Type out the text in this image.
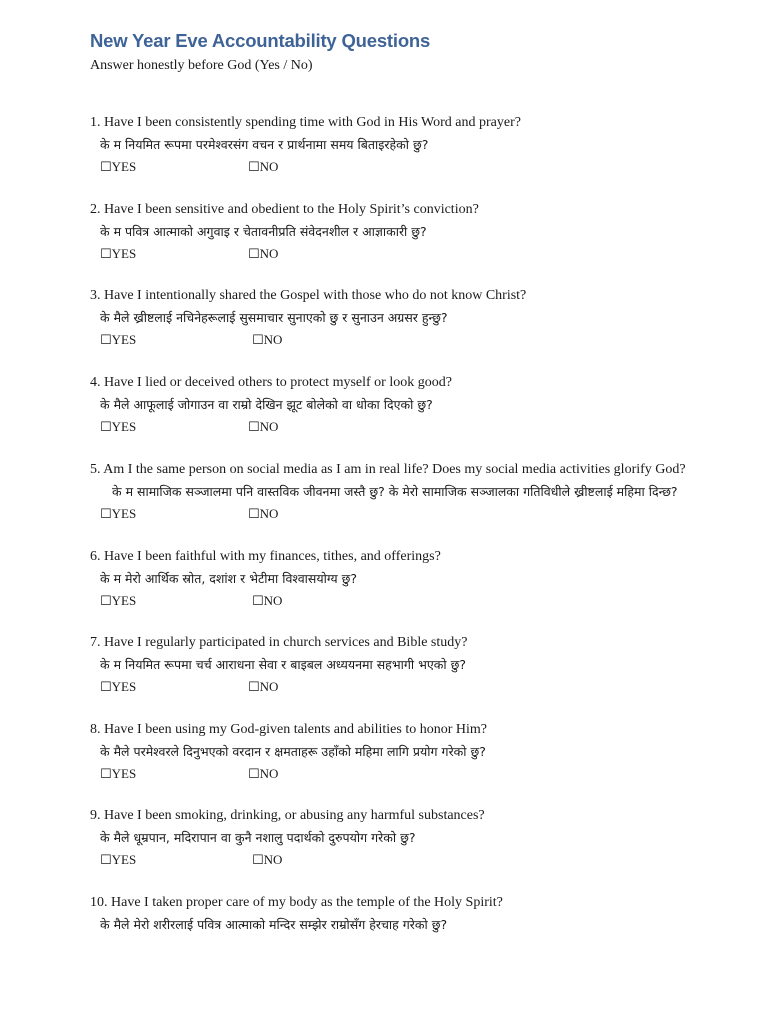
New Year Eve Accountability Questions
Answer honestly before God (Yes / No)
1. Have I been consistently spending time with God in His Word and prayer?
के म नियमित रूपमा परमेश्वरसंग वचन र प्रार्थनामा समय बिताइरहेको छु?
☐YES	☐NO
2. Have I been sensitive and obedient to the Holy Spirit’s conviction?
के म पवित्र आत्माको अगुवाइ र चेतावनीप्रति संवेदनशील र आज्ञाकारी छु?
☐YES	☐NO
3. Have I intentionally shared the Gospel with those who do not know Christ?
के मैले ख्रीष्टलाई नचिनेहरूलाई सुसमाचार सुनाएको छु र सुनाउन अग्रसर हुन्छु?
☐YES	☐NO
4. Have I lied or deceived others to protect myself or look good?
के मैले आफूलाई जोगाउन वा राम्रो देखिन झूट बोलेको वा धोका दिएको छु?
☐YES	☐NO
5. Am I the same person on social media as I am in real life? Does my social media activities glorify God?
के म सामाजिक सञ्जालमा पनि वास्तविक जीवनमा जस्तै छु? के मेरो सामाजिक सञ्जालका गतिविधीले ख्रीष्टलाई महिमा दिन्छ?
☐YES	☐NO
6. Have I been faithful with my finances, tithes, and offerings?
के म मेरो आर्थिक स्रोत, दशांश र भेटीमा विश्वासयोग्य छु?
☐YES	☐NO
7. Have I regularly participated in church services and Bible study?
के म नियमित रूपमा चर्च आराधना सेवा र बाइबल अध्ययनमा सहभागी भएको छु?
☐YES	☐NO
8. Have I been using my God-given talents and abilities to honor Him?
के मैले परमेश्वरले दिनुभएको वरदान र क्षमताहरू उहाँको महिमा लागि प्रयोग गरेको छु?
☐YES	☐NO
9. Have I been smoking, drinking, or abusing any harmful substances?
के मैले धूम्रपान, मदिरापान वा कुनै नशालु पदार्थको दुरुपयोग गरेको छु?
☐YES	☐NO
10. Have I taken proper care of my body as the temple of the Holy Spirit?
के मैले मेरो शरीरलाई पवित्र आत्माको मन्दिर सम्झेर राम्रोसँग हेरचाह गरेको छु?
